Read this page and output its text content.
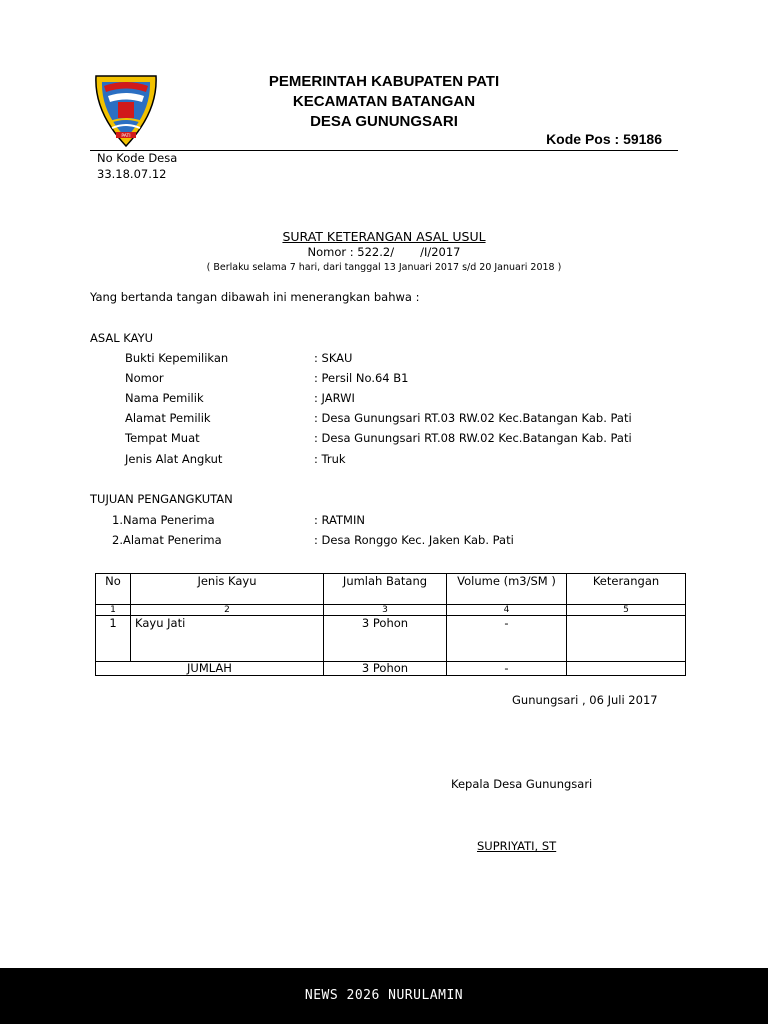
PATI
PEMERINTAH KABUPATEN PATI
KECAMATAN BATANGAN
DESA GUNUNGSARI
Kode Pos : 59186
No Kode Desa
33.18.07.12
SURAT KETERANGAN ASAL USUL
Nomor : 522.2/ /I/2017
( Berlaku selama 7 hari, dari tanggal 13 Januari 2017 s/d 20 Januari 2018 )
Yang bertanda tangan dibawah ini menerangkan bahwa :
ASAL KAYU
Bukti Kepemilikan	: SKAU
Nomor	: Persil No.64 B1
Nama Pemilik	: JARWI
Alamat Pemilik	: Desa Gunungsari RT.03 RW.02 Kec.Batangan Kab. Pati
Tempat Muat	: Desa Gunungsari RT.08 RW.02 Kec.Batangan Kab. Pati
Jenis Alat Angkut	: Truk
TUJUAN PENGANGKUTAN
1.Nama Penerima	: RATMIN
2.Alamat Penerima	: Desa Ronggo Kec. Jaken Kab. Pati
No	Jenis Kayu	Jumlah Batang	Volume (m3/SM )	Keterangan
1	2	3	4	5
1	Kayu Jati	3 Pohon	-	
JUMLAH		3 Pohon	-	
Gunungsari , 06 Juli 2017
Kepala Desa Gunungsari
SUPRIYATI, ST
NEWS 2026 NURULAMIN
